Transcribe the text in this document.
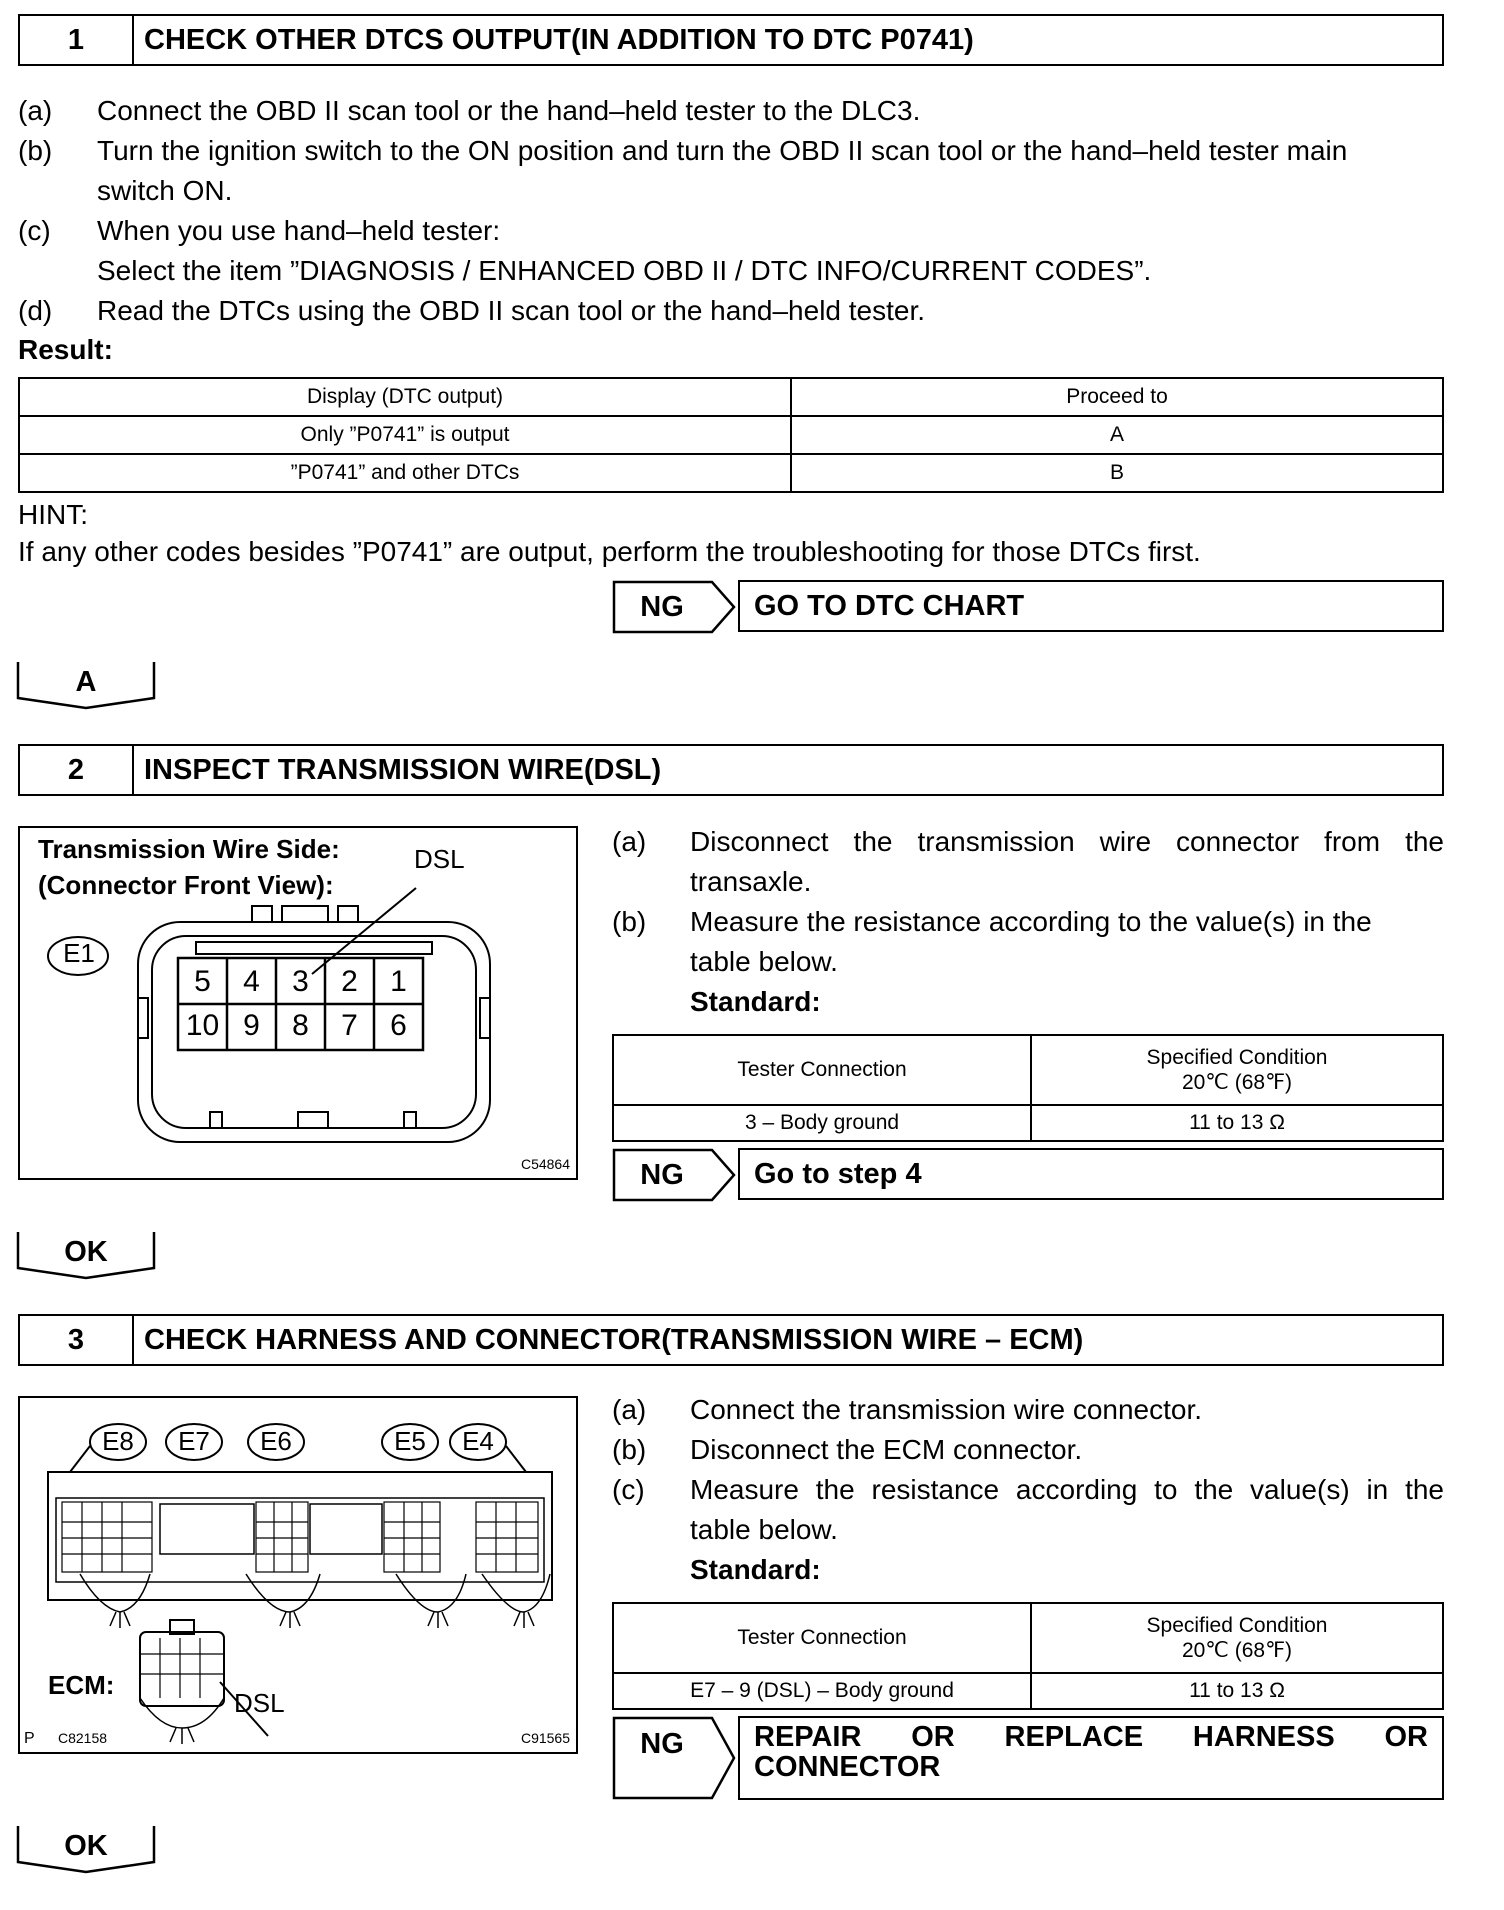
1	CHECK OTHER DTCS OUTPUT(IN ADDITION TO DTC P0741)
(a) Connect the OBD II scan tool or the hand–held tester to the DLC3.
(b) Turn the ignition switch to the ON position and turn the OBD II scan tool or the hand–held tester main
switch ON.
(c) When you use hand–held tester:
Select the item ”DIAGNOSIS / ENHANCED OBD II / DTC INFO/CURRENT CODES”.
(d) Read the DTCs using the OBD II scan tool or the hand–held tester.
Result:
Display (DTC output)	Proceed to
Only ”P0741” is output	A
”P0741” and other DTCs	B
HINT:
If any other codes besides ”P0741” are output, perform the troubleshooting for those DTCs first.
NG	GO TO DTC CHART
A
2	INSPECT TRANSMISSION WIRE(DSL)
Transmission Wire Side:
(Connector Front View):
DSL
E1
5	4	3	2	1
10 9	8	7	6
C54864
(a) Disconnect the transmission wire connector from the
transaxle.
(b) Measure the resistance according to the value(s) in the
table below.
Standard:
Tester Connection	Specified Condition
20℃ (68℉)

3 – Body ground	11 to 13 Ω
NG	Go to step 4
OK
3	CHECK HARNESS AND CONNECTOR(TRANSMISSION WIRE – ECM)
E8 E7 E6	E5 E4
ECM:
DSL
P C82158	C91565
(a) Connect the transmission wire connector.
(b) Disconnect the ECM connector.
(c) Measure the resistance according to the value(s) in the
table below.
Standard:
Tester Connection	Specified Condition
20℃ (68℉)

E7 – 9 (DSL) – Body ground	11 to 13 Ω
NG	REPAIR OR REPLACE HARNESS OR
CONNECTOR
OK
